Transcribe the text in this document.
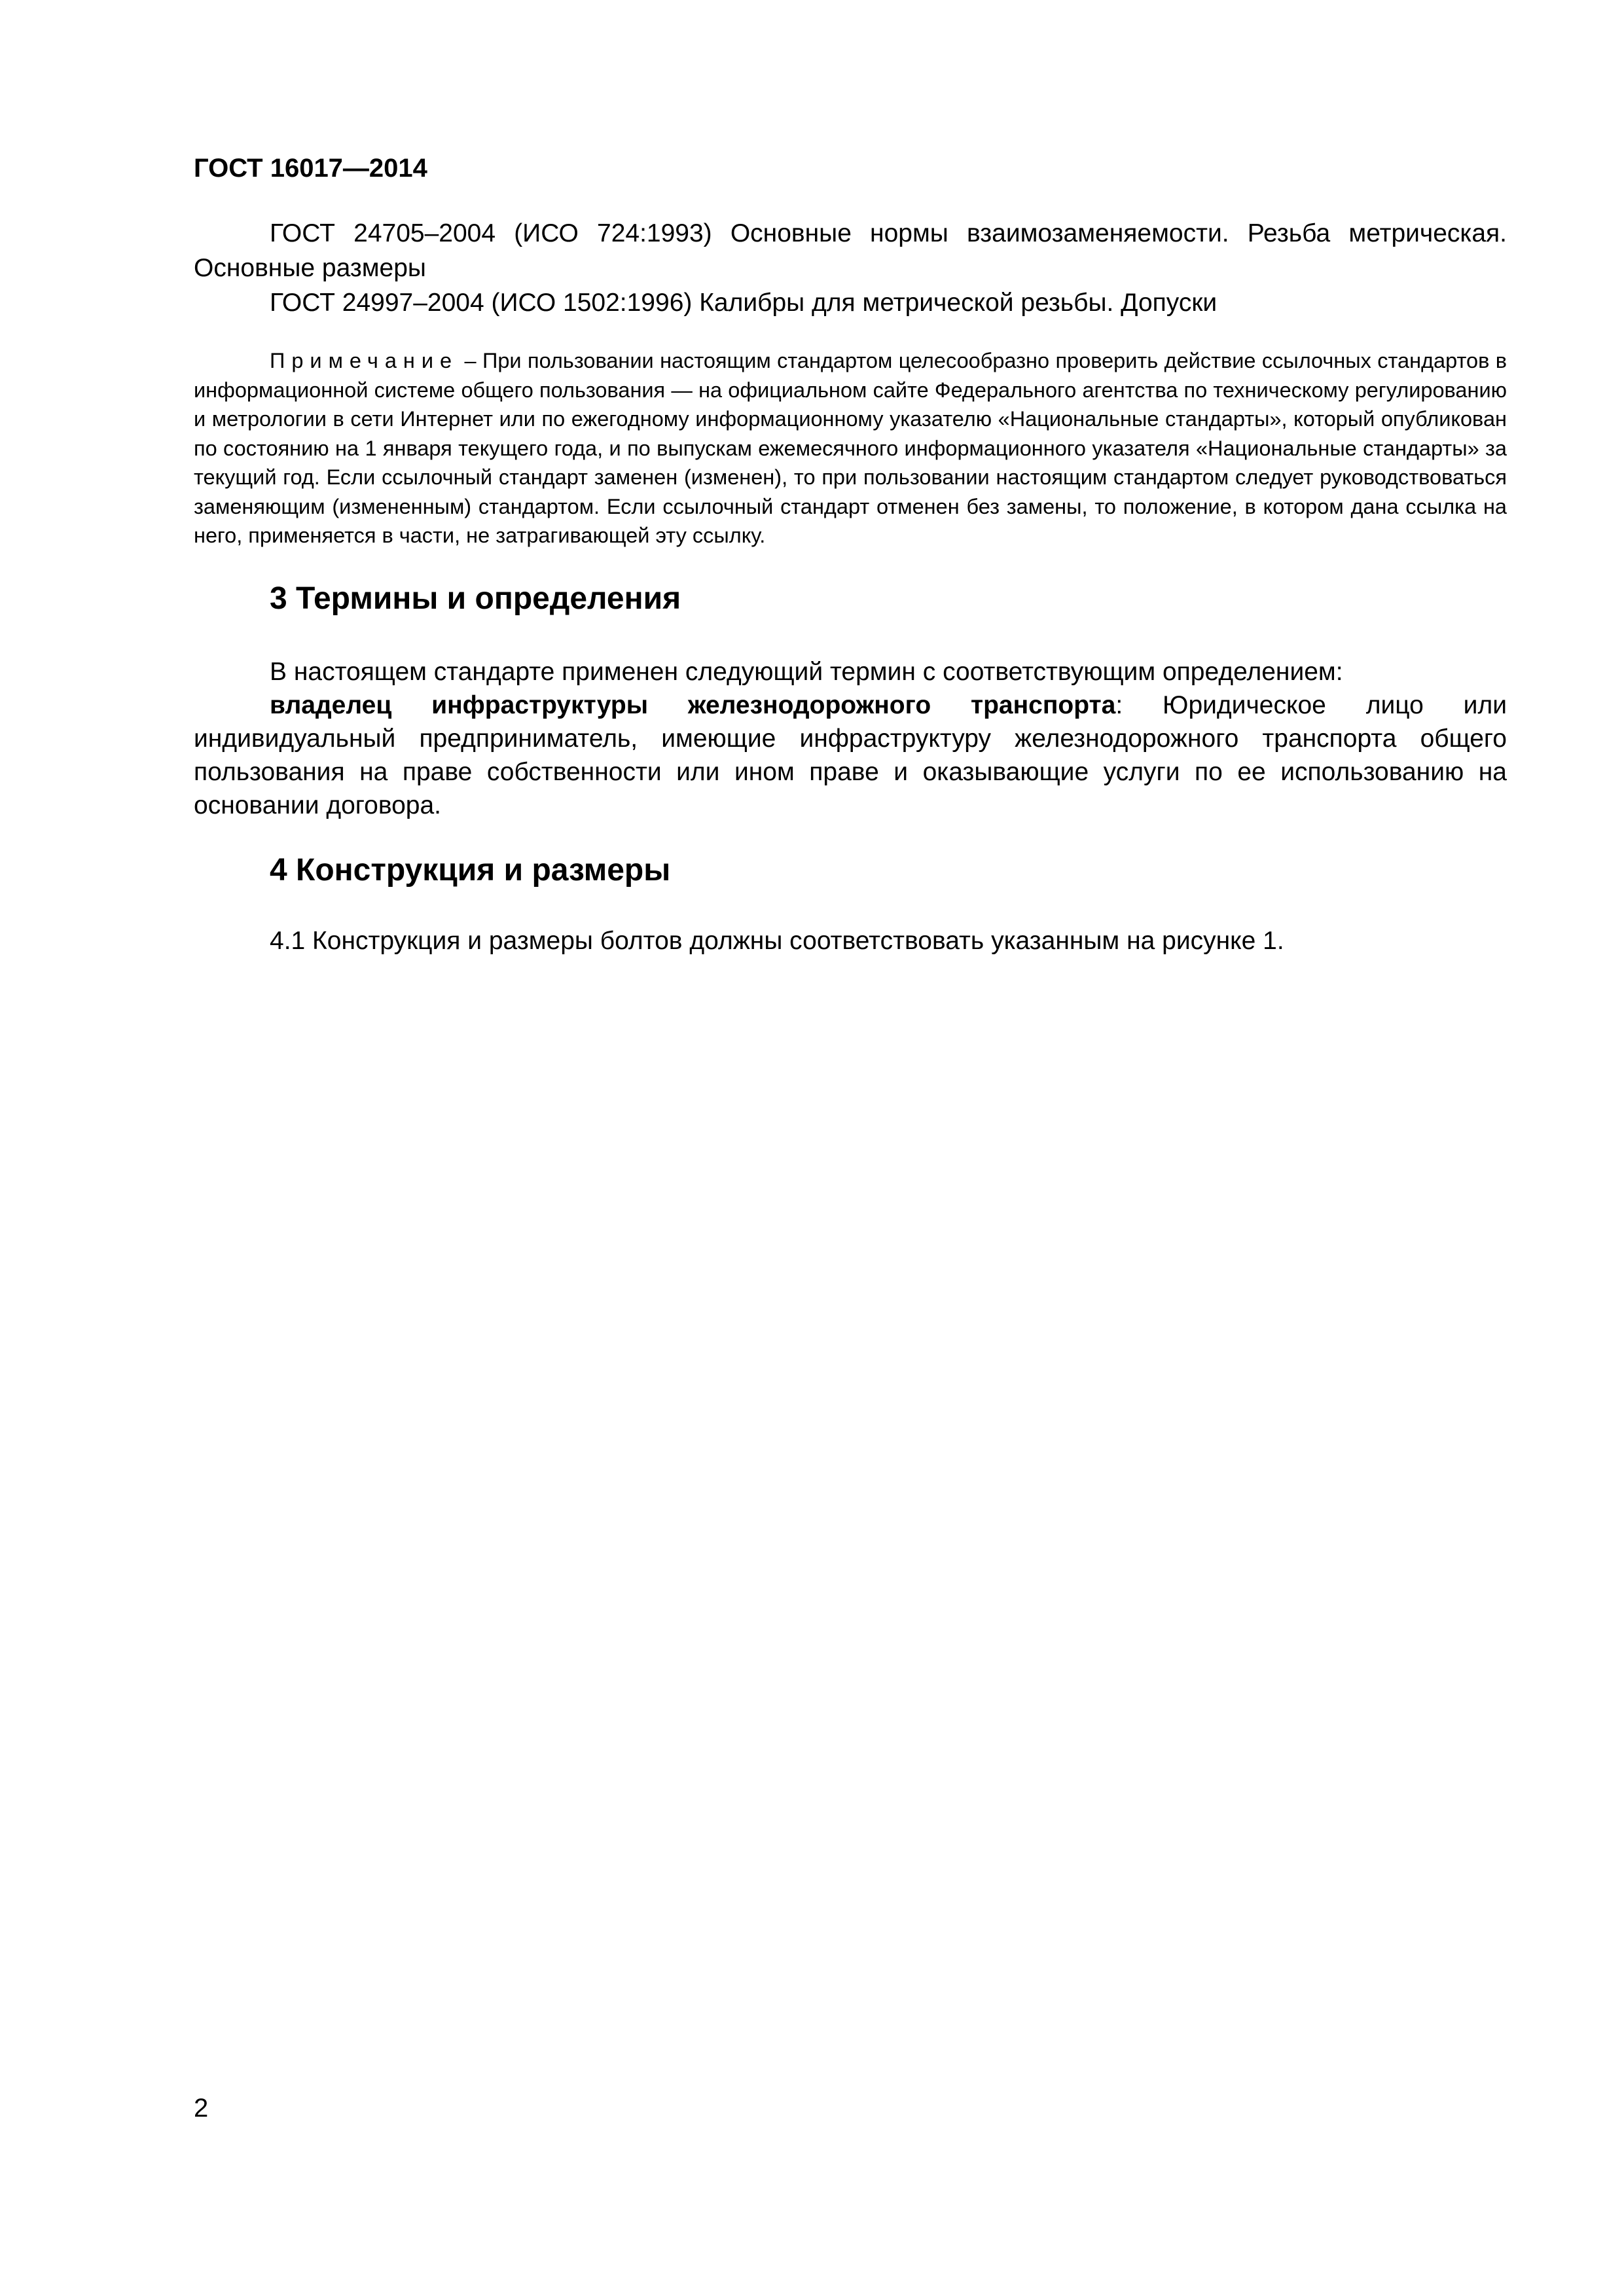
ГОСТ 16017—2014

ГОСТ 24705–2004 (ИСО 724:1993) Основные нормы взаимозаменяемости. Резьба метрическая. Основные размеры

ГОСТ 24997–2004 (ИСО 1502:1996) Калибры для метрической резьбы. Допуски

Примечание – При пользовании настоящим стандартом целесообразно проверить действие ссылочных стандартов в информационной системе общего пользования — на официальном сайте Федерального агентства по техническому регулированию и метрологии в сети Интернет или по ежегодному информационному указателю «Национальные стандарты», который опубликован по состоянию на 1 января текущего года, и по выпускам ежемесячного информационного указателя «Национальные стандарты» за текущий год. Если ссылочный стандарт заменен (изменен), то при пользовании настоящим стандартом следует руководствоваться заменяющим (измененным) стандартом. Если ссылочный стандарт отменен без замены, то положение, в котором дана ссылка на него, применяется в части, не затрагивающей эту ссылку.

3 Термины и определения

В настоящем стандарте применен следующий термин с соответствующим определением:

владелец инфраструктуры железнодорожного транспорта: Юридическое лицо или индивидуальный предприниматель, имеющие инфраструктуру железнодорожного транспорта общего пользования на праве собственности или ином праве и оказывающие услуги по ее использованию на основании договора.

4 Конструкция и размеры

4.1 Конструкция и размеры болтов должны соответствовать указанным на рисунке 1.

2
